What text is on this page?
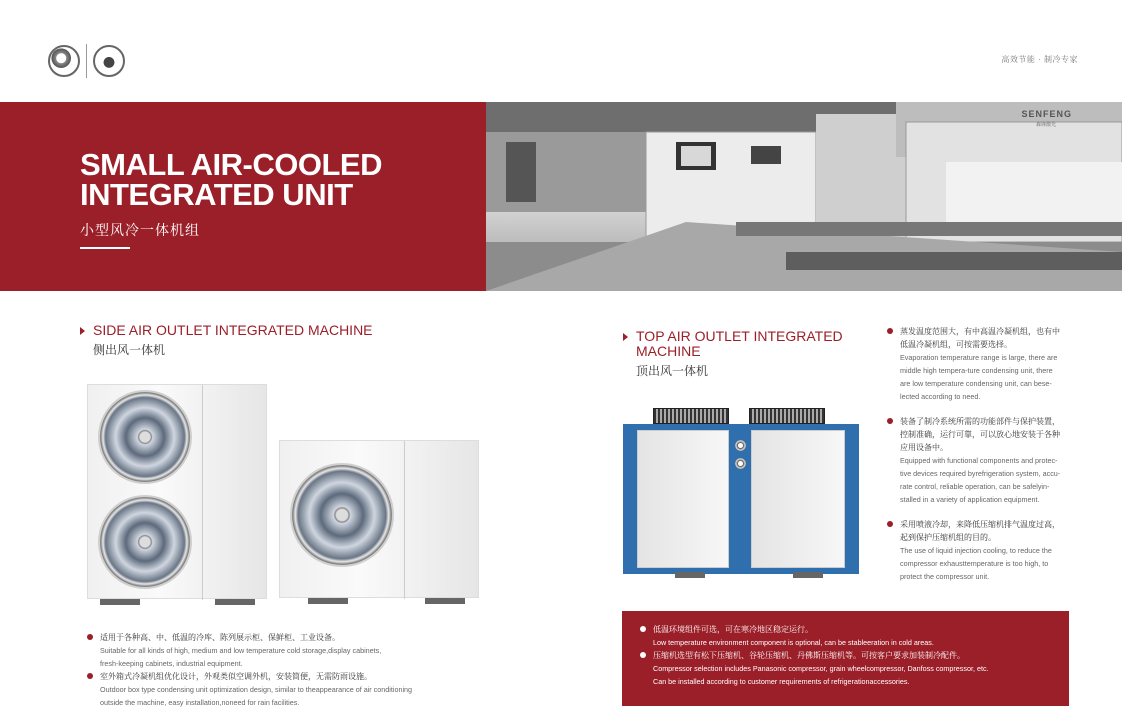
高效节能 · 制冷专家
SMALL AIR-COOLED
INTEGRATED UNIT
小型风冷一体机组
SENFENG
森锋激光
SIDE AIR OUTLET INTEGRATED MACHINE
侧出风一体机
适用于各种高、中、低温的冷库、陈列展示柜、保鲜柜、工业设备。
Suitable for all kinds of high, medium and low temperature cold storage,display cabinets,
fresh-keeping cabinets, industrial equipment.
室外箱式冷凝机组优化设计，外观类似空调外机，安装简便，无需防雨设施。
Outdoor box type condensing unit optimization design, similar to theappearance of air conditioning
outside the machine, easy installation,noneed for rain facilities.
TOP AIR OUTLET INTEGRATED
MACHINE
顶出风一体机
蒸发温度范围大，有中高温冷凝机组，也有中
低温冷凝机组，可按需要选择。
Evaporation temperature range is large, there are
middle high tempera-ture condensing unit, there
are low temperature condensing unit, can bese-
lected according to need.
装备了制冷系统所需的功能部件与保护装置，
控制准确，运行可靠，可以放心地安装于各种
应用设备中。
Equipped with functional components and protec-
tive devices required byrefrigeration system, accu-
rate control, reliable operation, can be safelyin-
stalled in a variety of application equipment.
采用喷液冷却，来降低压缩机排气温度过高，
起到保护压缩机组的目的。
The use of liquid injection cooling, to reduce the
compressor exhausttemperature is too high, to
protect the compressor unit.
低温环境组件可选，可在寒冷地区稳定运行。
Low temperature environment component is optional, can be stableeration in cold areas.
压缩机选型有松下压缩机、谷轮压缩机、丹佛斯压缩机等。可按客户要求加装制冷配件。
Compressor selection includes Panasonic compressor, grain wheelcompressor, Danfoss compressor, etc.
Can be installed according to customer requirements of refrigerationaccessories.
